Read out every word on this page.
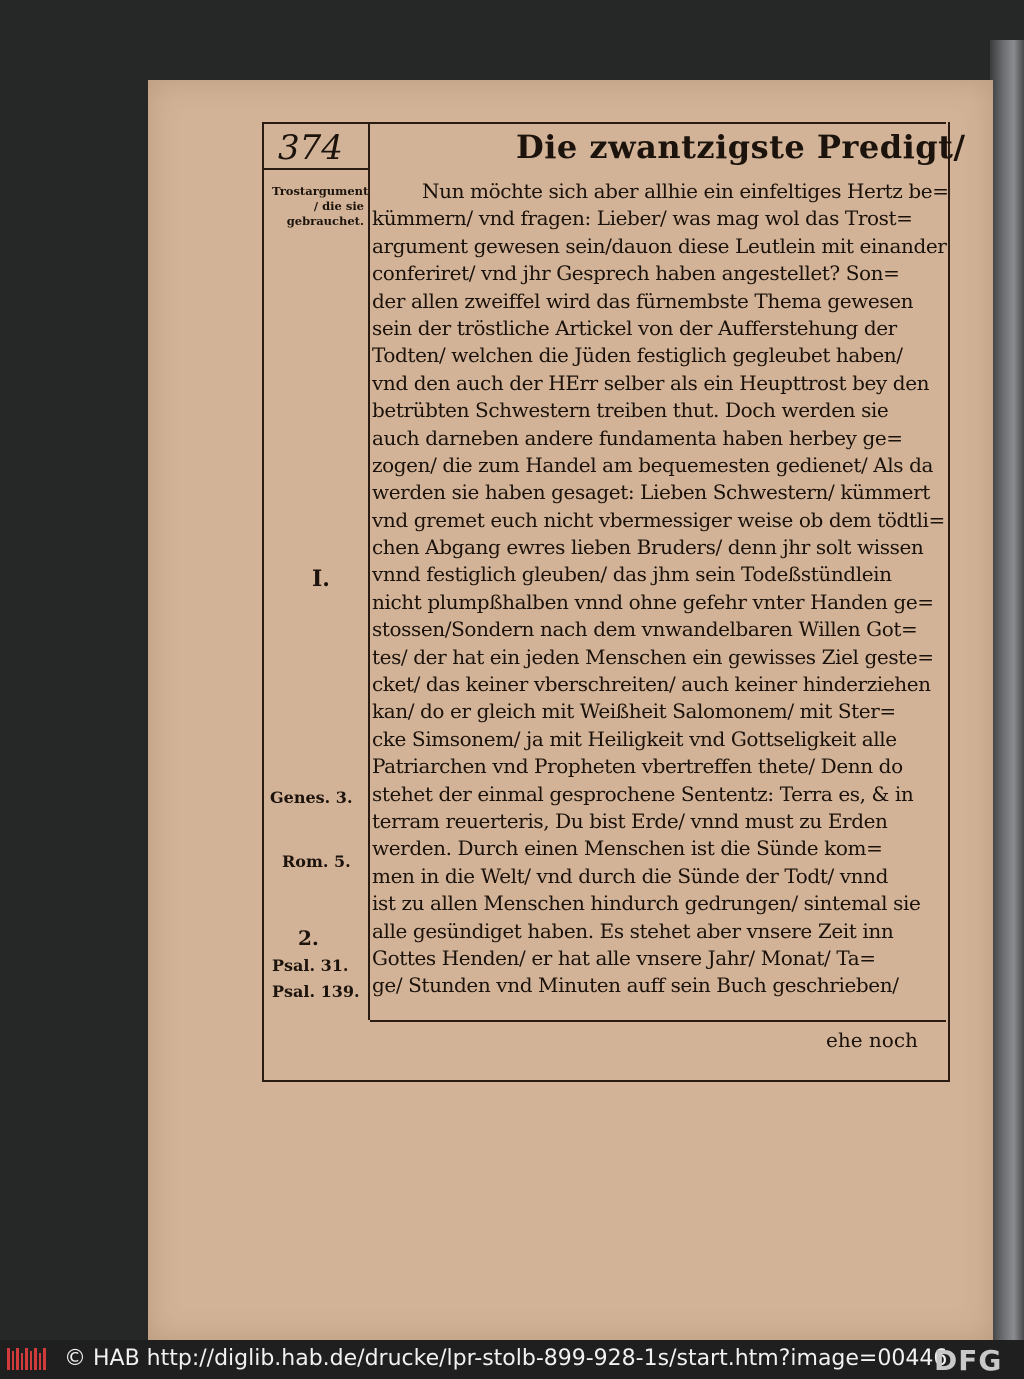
374	Die zwantzigste Predigt/
Trostargument / die sie gebrauchet.
I.
Genes. 3.
Rom. 5.
2.
Psal. 31.
Psal. 139.
Nun möchte sich aber allhie ein einfeltiges Hertz be=
kümmern/ vnd fragen: Lieber/ was mag wol das Trost=
argument gewesen sein/dauon diese Leutlein mit einander
conferiret/ vnd jhr Gesprech haben angestellet? Son=
der allen zweiffel wird das fürnembste Thema gewesen
sein der tröstliche Artickel von der Aufferstehung der
Todten/ welchen die Jüden festiglich gegleubet haben/
vnd den auch der HErr selber als ein Heupttrost bey den
betrübten Schwestern treiben thut. Doch werden sie
auch darneben andere fundamenta haben herbey ge=
zogen/ die zum Handel am bequemesten gedienet/ Als da
werden sie haben gesaget: Lieben Schwestern/ kümmert
vnd gremet euch nicht vbermessiger weise ob dem tödtli=
chen Abgang ewres lieben Bruders/ denn jhr solt wissen
vnnd festiglich gleuben/ das jhm sein Todeßstündlein
nicht plumpßhalben vnnd ohne gefehr vnter Handen ge=
stossen/Sondern nach dem vnwandelbaren Willen Got=
tes/ der hat ein jeden Menschen ein gewisses Ziel geste=
cket/ das keiner vberschreiten/ auch keiner hinderziehen
kan/ do er gleich mit Weißheit Salomonem/ mit Ster=
cke Simsonem/ ja mit Heiligkeit vnd Gottseligkeit alle
Patriarchen vnd Propheten vbertreffen thete/ Denn do
stehet der einmal gesprochene Sententz: Terra es, & in
terram reuerteris, Du bist Erde/ vnnd must zu Erden
werden. Durch einen Menschen ist die Sünde kom=
men in die Welt/ vnd durch die Sünde der Todt/ vnnd
ist zu allen Menschen hindurch gedrungen/ sintemal sie
alle gesündiget haben. Es stehet aber vnsere Zeit inn
Gottes Henden/ er hat alle vnsere Jahr/ Monat/ Ta=
ge/ Stunden vnd Minuten auff sein Buch geschrieben/
ehe noch
© HAB http://diglib.hab.de/drucke/lpr-stolb-899-928-1s/start.htm?image=00446
DFG
